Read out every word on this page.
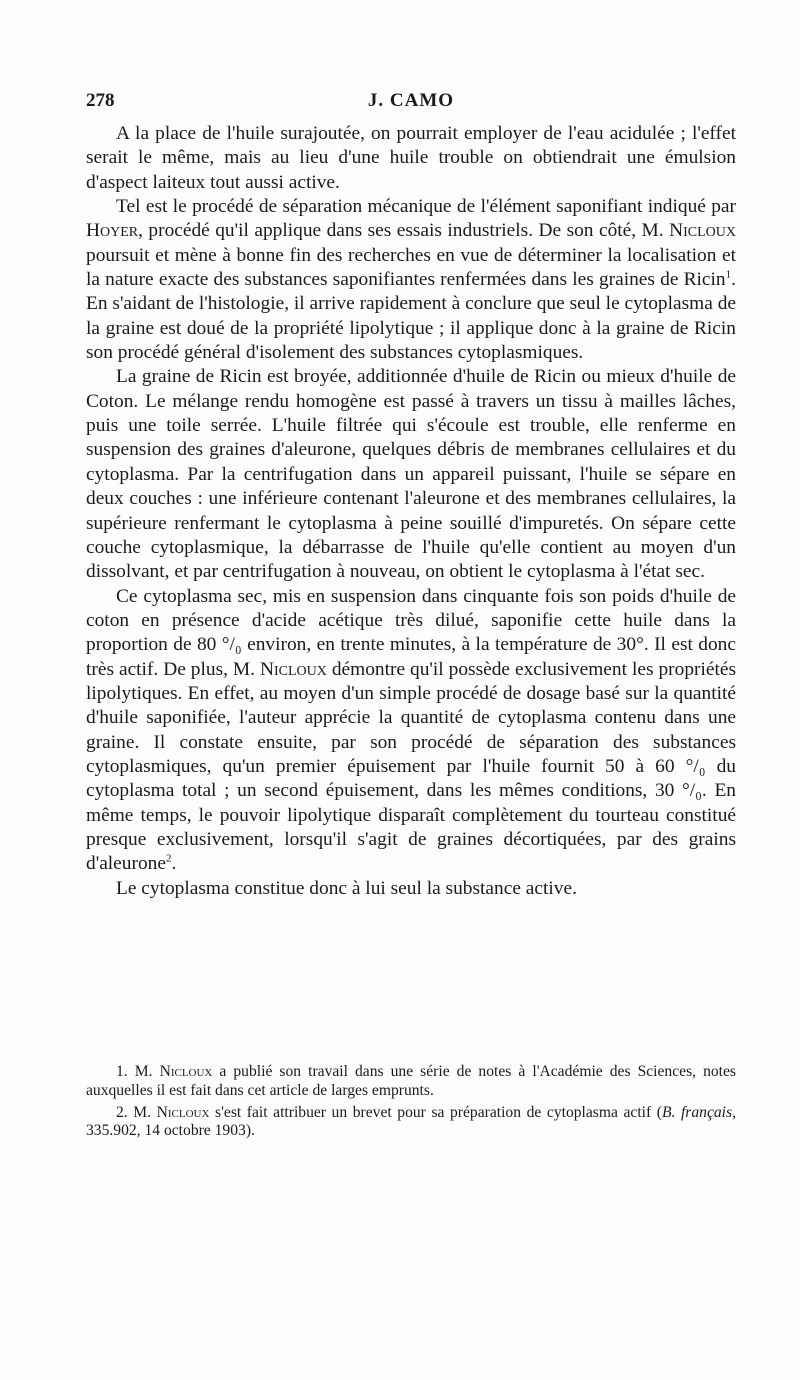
278	J. CAMO

A la place de l'huile surajoutée, on pourrait employer de l'eau acidulée ; l'effet serait le même, mais au lieu d'une huile trouble on obtiendrait une émulsion d'aspect laiteux tout aussi active.

Tel est le procédé de séparation mécanique de l'élément saponifiant indiqué par Hoyer, procédé qu'il applique dans ses essais industriels. De son côté, M. Nicloux poursuit et mène à bonne fin des recherches en vue de déterminer la localisation et la nature exacte des substances saponifiantes renfermées dans les graines de Ricin$^1$. En s'aidant de l'histologie, il arrive rapidement à conclure que seul le cytoplasma de la graine est doué de la propriété lipolytique ; il applique donc à la graine de Ricin son procédé général d'isolement des substances cytoplasmiques.

La graine de Ricin est broyée, additionnée d'huile de Ricin ou mieux d'huile de Coton. Le mélange rendu homogène est passé à travers un tissu à mailles lâches, puis une toile serrée. L'huile filtrée qui s'écoule est trouble, elle renferme en suspension des graines d'aleurone, quelques débris de membranes cellulaires et du cytoplasma. Par la centrifugation dans un appareil puissant, l'huile se sépare en deux couches : une inférieure contenant l'aleurone et des membranes cellulaires, la supérieure renfermant le cytoplasma à peine souillé d'impuretés. On sépare cette couche cytoplasmique, la débarrasse de l'huile qu'elle contient au moyen d'un dissolvant, et par centrifugation à nouveau, on obtient le cytoplasma à l'état sec.

Ce cytoplasma sec, mis en suspension dans cinquante fois son poids d'huile de coton en présence d'acide acétique très dilué, saponifie cette huile dans la proportion de 80 °/₀ environ, en trente minutes, à la température de 30°. Il est donc très actif. De plus, M. Nicloux démontre qu'il possède exclusivement les propriétés lipolytiques. En effet, au moyen d'un simple procédé de dosage basé sur la quantité d'huile saponifiée, l'auteur apprécie la quantité de cytoplasma contenu dans une graine. Il constate ensuite, par son procédé de séparation des substances cytoplasmiques, qu'un premier épuisement par l'huile fournit 50 à 60 °/₀ du cytoplasma total ; un second épuisement, dans les mêmes conditions, 30 °/₀. En même temps, le pouvoir lipolytique disparaît complètement du tourteau constitué presque exclusivement, lorsqu'il s'agit de graines décortiquées, par des grains d'aleurone$^2$.

Le cytoplasma constitue donc à lui seul la substance active.

1. M. Nicloux a publié son travail dans une série de notes à l'Académie des Sciences, notes auxquelles il est fait dans cet article de larges emprunts.

2. M. Nicloux s'est fait attribuer un brevet pour sa préparation de cytoplasma actif (B. français, 335.902, 14 octobre 1903).
